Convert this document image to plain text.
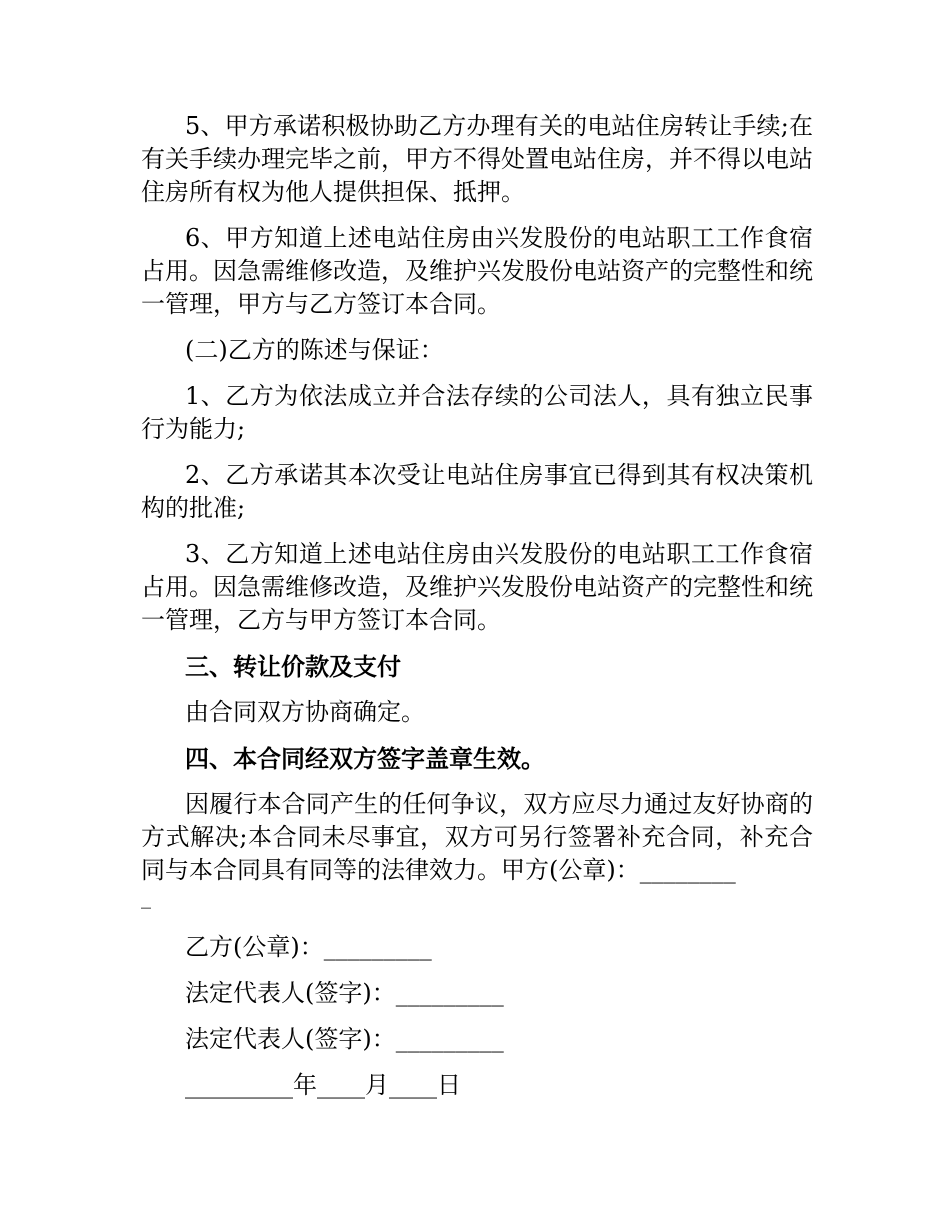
5、甲方承诺积极协助乙方办理有关的电站住房转让手续;在有关手续办理完毕之前，甲方不得处置电站住房，并不得以电站住房所有权为他人提供担保、抵押。

6、甲方知道上述电站住房由兴发股份的电站职工工作食宿占用。因急需维修改造，及维护兴发股份电站资产的完整性和统一管理，甲方与乙方签订本合同。

(二)乙方的陈述与保证：

1、乙方为依法成立并合法存续的公司法人，具有独立民事行为能力;

2、乙方承诺其本次受让电站住房事宜已得到其有权决策机构的批准;

3、乙方知道上述电站住房由兴发股份的电站职工工作食宿占用。因急需维修改造，及维护兴发股份电站资产的完整性和统一管理，乙方与甲方签订本合同。

三、转让价款及支付

由合同双方协商确定。

四、本合同经双方签字盖章生效。

因履行本合同产生的任何争议，双方应尽力通过友好协商的方式解决;本合同未尽事宜，双方可另行签署补充合同，补充合同与本合同具有同等的法律效力。甲方(公章)：________

_

乙方(公章)：_________

法定代表人(签字)：_________

法定代表人(签字)：_________

_________年____月____日
